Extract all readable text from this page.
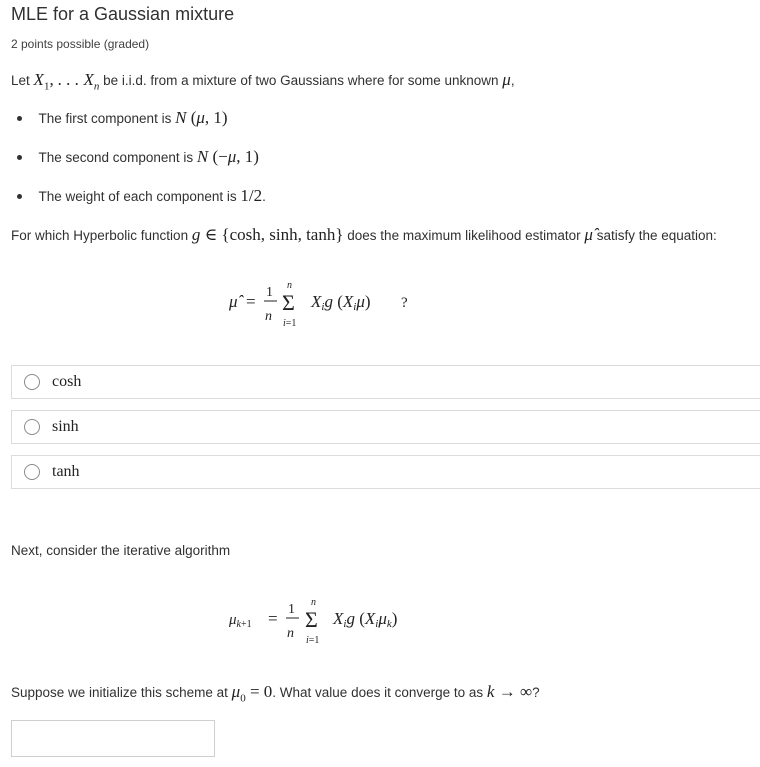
MLE for a Gaussian mixture
2 points possible (graded)
Let $X_1$, . . . $X_n$ be i.i.d. from a mixture of two Gaussians where for some unknown μ,
The first component is N (μ, 1)
The second component is N (−μ, 1)
The weight of each component is 1/2.
For which Hyperbolic function g ∈ {cosh, sinh, tanh} does the maximum likelihood estimator μ̂ satisfy the equation:
μ̂ = 1
n
n
Σ
i=1
Xig (Xiμ) ?
cosh
sinh
tanh
Next, consider the iterative algorithm
$\mu_{k+1} = 1$
n
n
Σ
i=1
Xig (Xiμk)
Suppose we initialize this scheme at $\mu_0 = 0$. What value does it converge to as k → ∞?
